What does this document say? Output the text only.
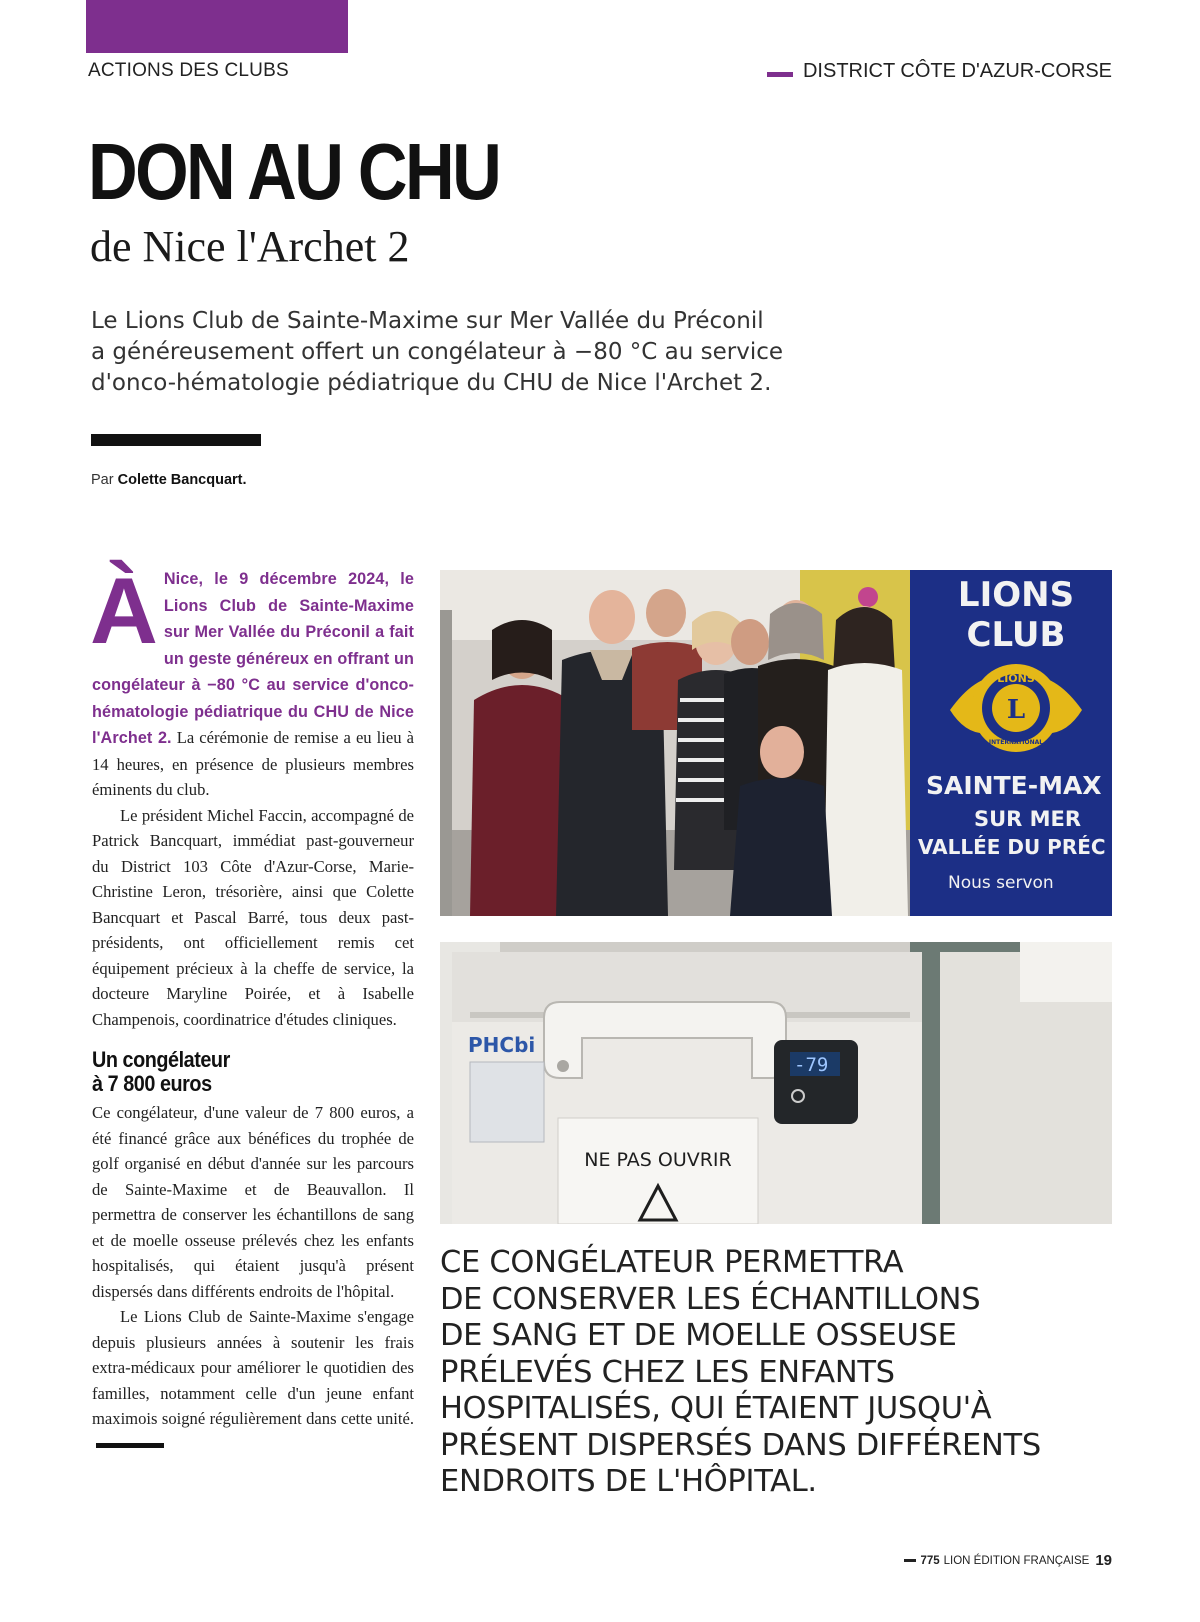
ACTIONS DES CLUBS	DISTRICT CÔTE D'AZUR-CORSE
DON AU CHU
de Nice l'Archet 2

Le Lions Club de Sainte-Maxime sur Mer Vallée du Préconil

a généreusement offert un congélateur à −80 °C au service

d'onco-hématologie pédiatrique du CHU de Nice l'Archet 2.

Par Colette Bancquart.

À Nice, le 9 décembre 2024, le Lions Club de Sainte-Maxime sur Mer Vallée du Préconil a fait un geste généreux en offrant un congélateur à −80 °C au service d'onco-hématologie pédiatrique du CHU de Nice l'Archet 2. La cérémonie de remise a eu lieu à 14 heures, en présence de plusieurs membres éminents du club.

Le président Michel Faccin, accompagné de Patrick Bancquart, immédiat past-gouverneur du District 103 Côte d'Azur-Corse, Marie-Christine Leron, trésorière, ainsi que Colette Bancquart et Pascal Barré, tous deux past-présidents, ont officiellement remis cet équipement précieux à la cheffe de service, la docteure Maryline Poirée, et à Isabelle Champenois, coordinatrice d'études cliniques.

Un congélateur
à 7 800 euros

Ce congélateur, d'une valeur de 7 800 euros, a été financé grâce aux bénéfices du trophée de golf organisé en début d'année sur les parcours de Sainte-Maxime et de Beauvallon. Il permettra de conserver les échantillons de sang et de moelle osseuse prélevés chez les enfants hospitalisés, qui étaient jusqu'à présent dispersés dans différents endroits de l'hôpital.

Le Lions Club de Sainte-Maxime s'engage depuis plusieurs années à soutenir les frais extra-médicaux pour améliorer le quotidien des familles, notamment celle d'un jeune enfant maximois soigné régulièrement dans cette unité.

LIONS
CLUB
L
LIONS
INTERNATIONAL
SAINTE-MAX
SUR MER
VALLÉE DU PRÉC
Nous servon
PHCbi
-79
NE PAS OUVRIR

CE CONGÉLATEUR PERMETTRA

DE CONSERVER LES ÉCHANTILLONS

DE SANG ET DE MOELLE OSSEUSE

PRÉLEVÉS CHEZ LES ENFANTS

HOSPITALISÉS, QUI ÉTAIENT JUSQU'À

PRÉSENT DISPERSÉS DANS DIFFÉRENTS

ENDROITS DE L'HÔPITAL.

775 LION ÉDITION FRANÇAISE 19
